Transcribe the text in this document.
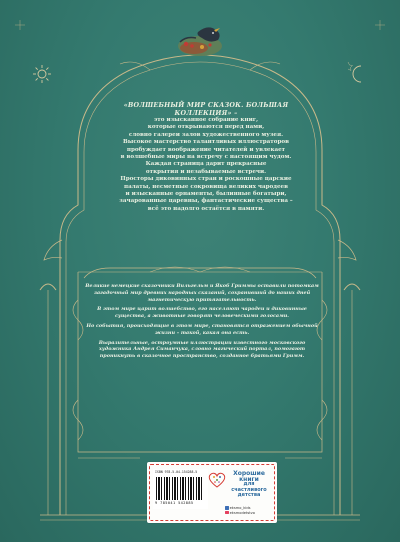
«ВОЛШЕБНЫЙ МИР СКАЗОК. БОЛЬШАЯ КОЛЛЕКЦИЯ» –

это изысканное собрание книг,

которые открываются перед нами,

словно галереи залов художественного музея.

Высокое мастерство талантливых иллюстраторов

пробуждает воображение читателей и увлекает

в волшебные миры на встречу с настоящим чудом.

Каждая страница дарит прекрасные

открытия и незабываемые встречи.

Просторы диковинных стран и роскошные царские

палаты, несметные сокровища великих чародеев

и изысканные орнаменты, былинные богатыри,

зачарованные царевны, фантастические существа –

всё это надолго остаётся в памяти.

Великие немецкие сказочники Вильгельм и Якоб Гриммы оставили потомкам загадочный мир древних народных сказаний, сохранивший до наших дней магнетическую притягательность.

В этом мире царит волшебство, его населяют чародеи и диковинные существа, а животные говорят человеческими голосами.

Но события, происходящие в этом мире, становятся отражением обычной жизни – такой, какая она есть.

Выразительные, остроумные иллюстрации известного московского художника Андрея Симанчука, словно магический портал, помогают проникнуть в сказочное пространство, созданное братьями Гримм.

ISBN 978-5-04-154288-5
9 785041 542885
Хорошие
книги
для счастливого
детства
eksmo_kids
eksmodetstvo
